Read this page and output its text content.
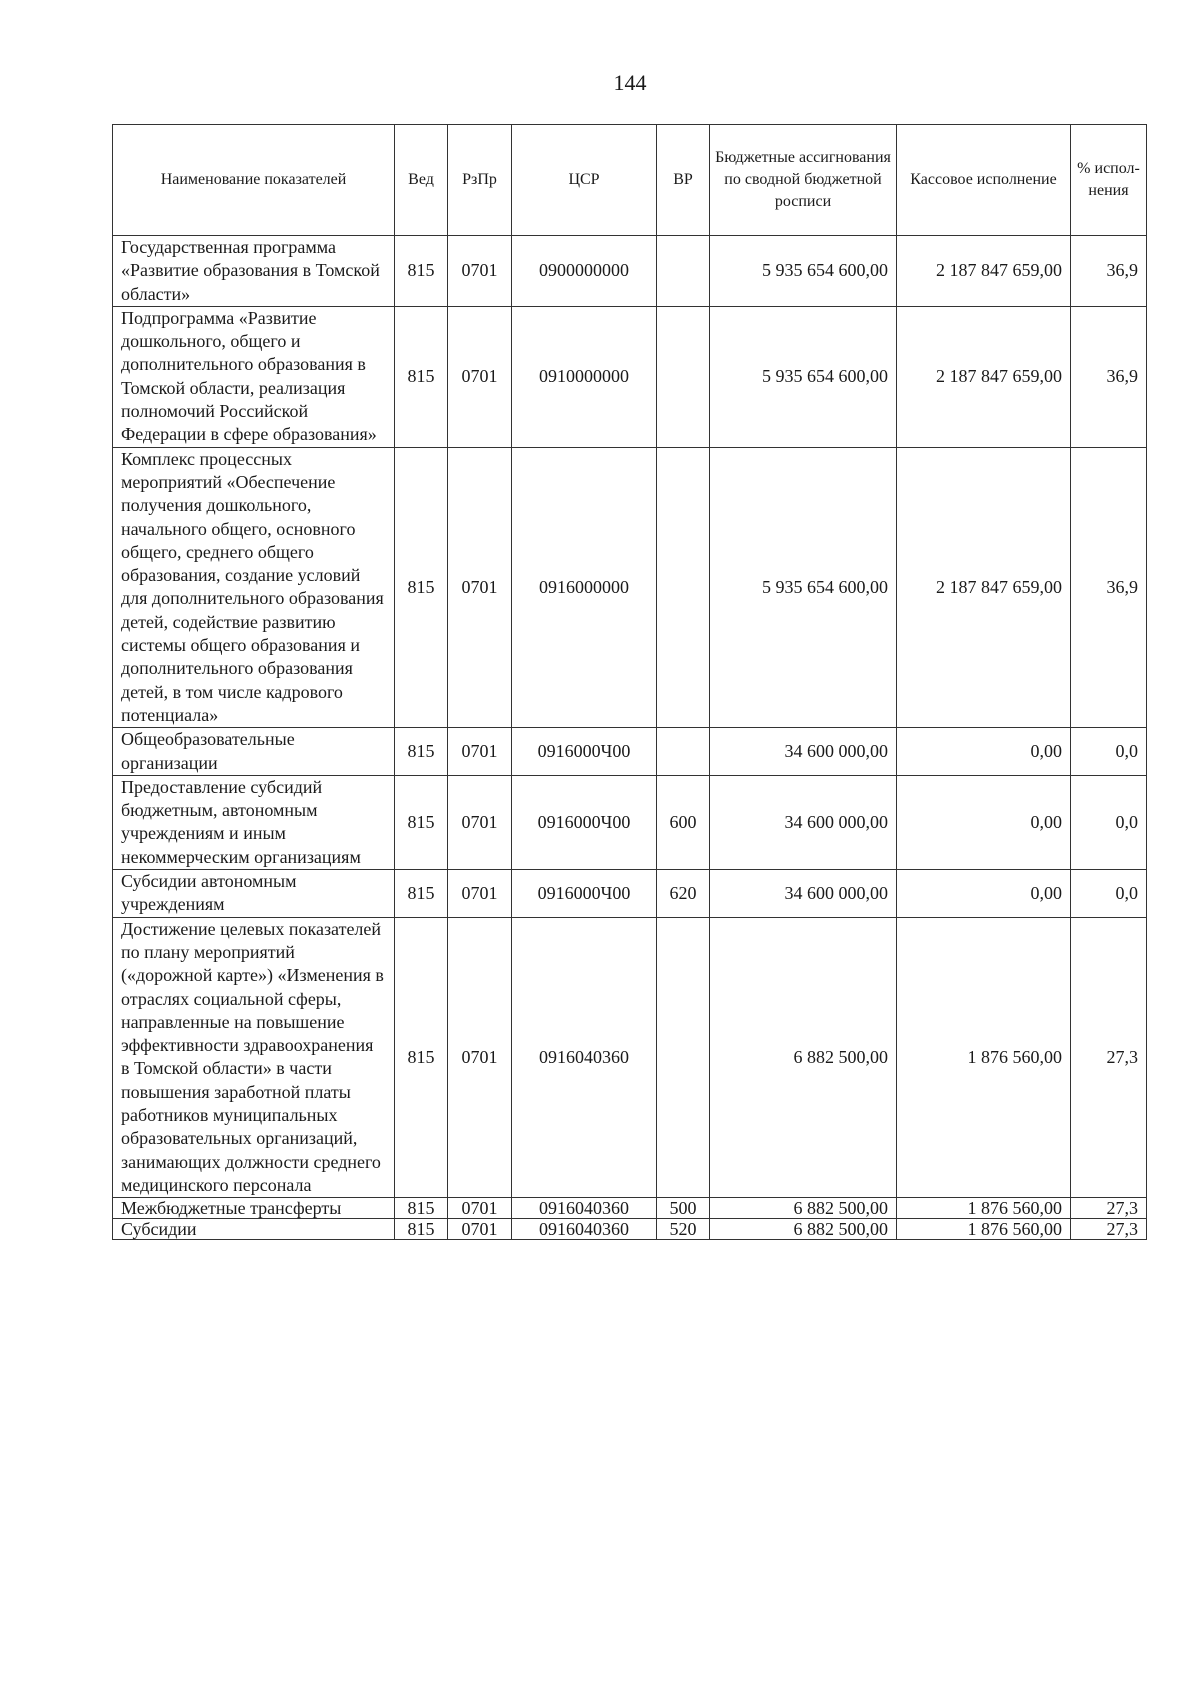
144
Наименование показателей	Вед	РзПр	ЦСР	ВР	Бюджетные ассигнования по сводной бюджетной росписи	Кассовое исполнение	% испол-нения
Государственная программа «Развитие образования в Томской области»	815	0701	0900000000		5 935 654 600,00	2 187 847 659,00	36,9
Подпрограмма «Развитие дошкольного, общего и дополнительного образования в Томской области, реализация полномочий Российской Федерации в сфере образования»	815	0701	0910000000		5 935 654 600,00	2 187 847 659,00	36,9
Комплекс процессных мероприятий «Обеспечение получения дошкольного, начального общего, основного общего, среднего общего образования, создание условий для дополнительного образования детей, содействие развитию системы общего образования и дополнительного образования детей, в том числе кадрового потенциала»	815	0701	0916000000		5 935 654 600,00	2 187 847 659,00	36,9
Общеобразовательные организации	815	0701	0916000Ч00		34 600 000,00	0,00	0,0
Предоставление субсидий бюджетным, автономным учреждениям и иным некоммерческим организациям	815	0701	0916000Ч00	600	34 600 000,00	0,00	0,0
Субсидии автономным учреждениям	815	0701	0916000Ч00	620	34 600 000,00	0,00	0,0
Достижение целевых показателей по плану мероприятий («дорожной карте») «Изменения в отраслях социальной сферы, направленные на повышение эффективности здравоохранения в Томской области» в части повышения заработной платы работников муниципальных образовательных организаций, занимающих должности среднего медицинского персонала	815	0701	0916040360		6 882 500,00	1 876 560,00	27,3
Межбюджетные трансферты	815	0701	0916040360	500	6 882 500,00	1 876 560,00	27,3
Субсидии	815	0701	0916040360	520	6 882 500,00	1 876 560,00	27,3
